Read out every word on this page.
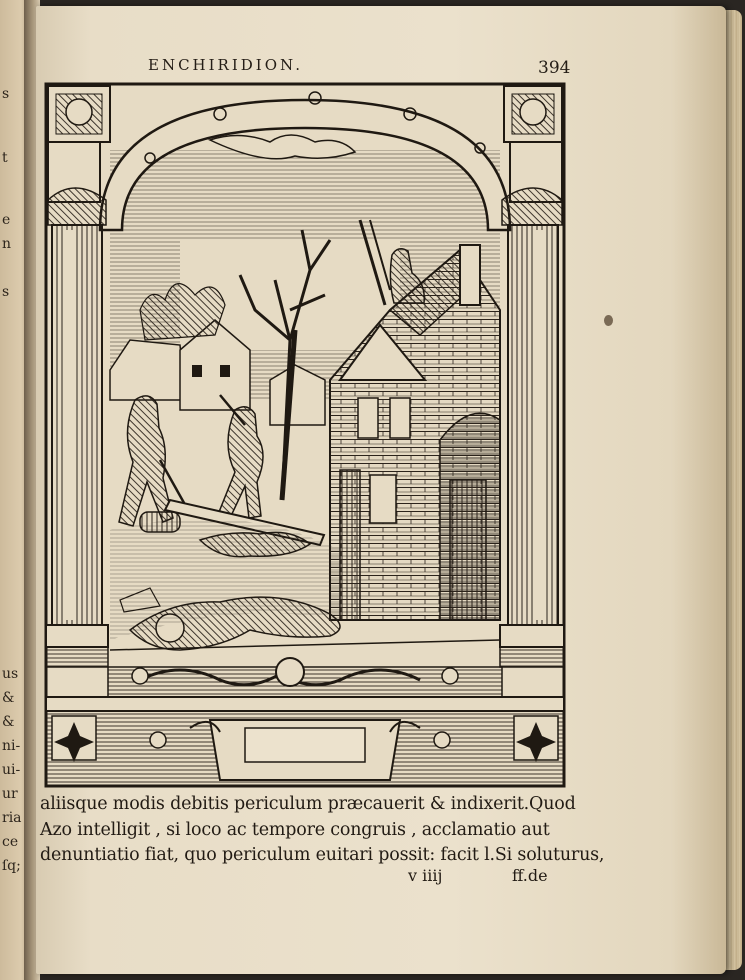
s
t
e
n
s
us
&
&
ni-
ui-
ur
ria
ce
ſq;
ENCHIRIDION.	394
aliisque modis debitis periculum præcauerit & indixerit.Quod
Azo intelligit , si loco ac tempore congruis , acclamatio aut
denuntiatio fiat, quo periculum euitari possit: facit l.Si soluturus,
v iiij	ff.de
